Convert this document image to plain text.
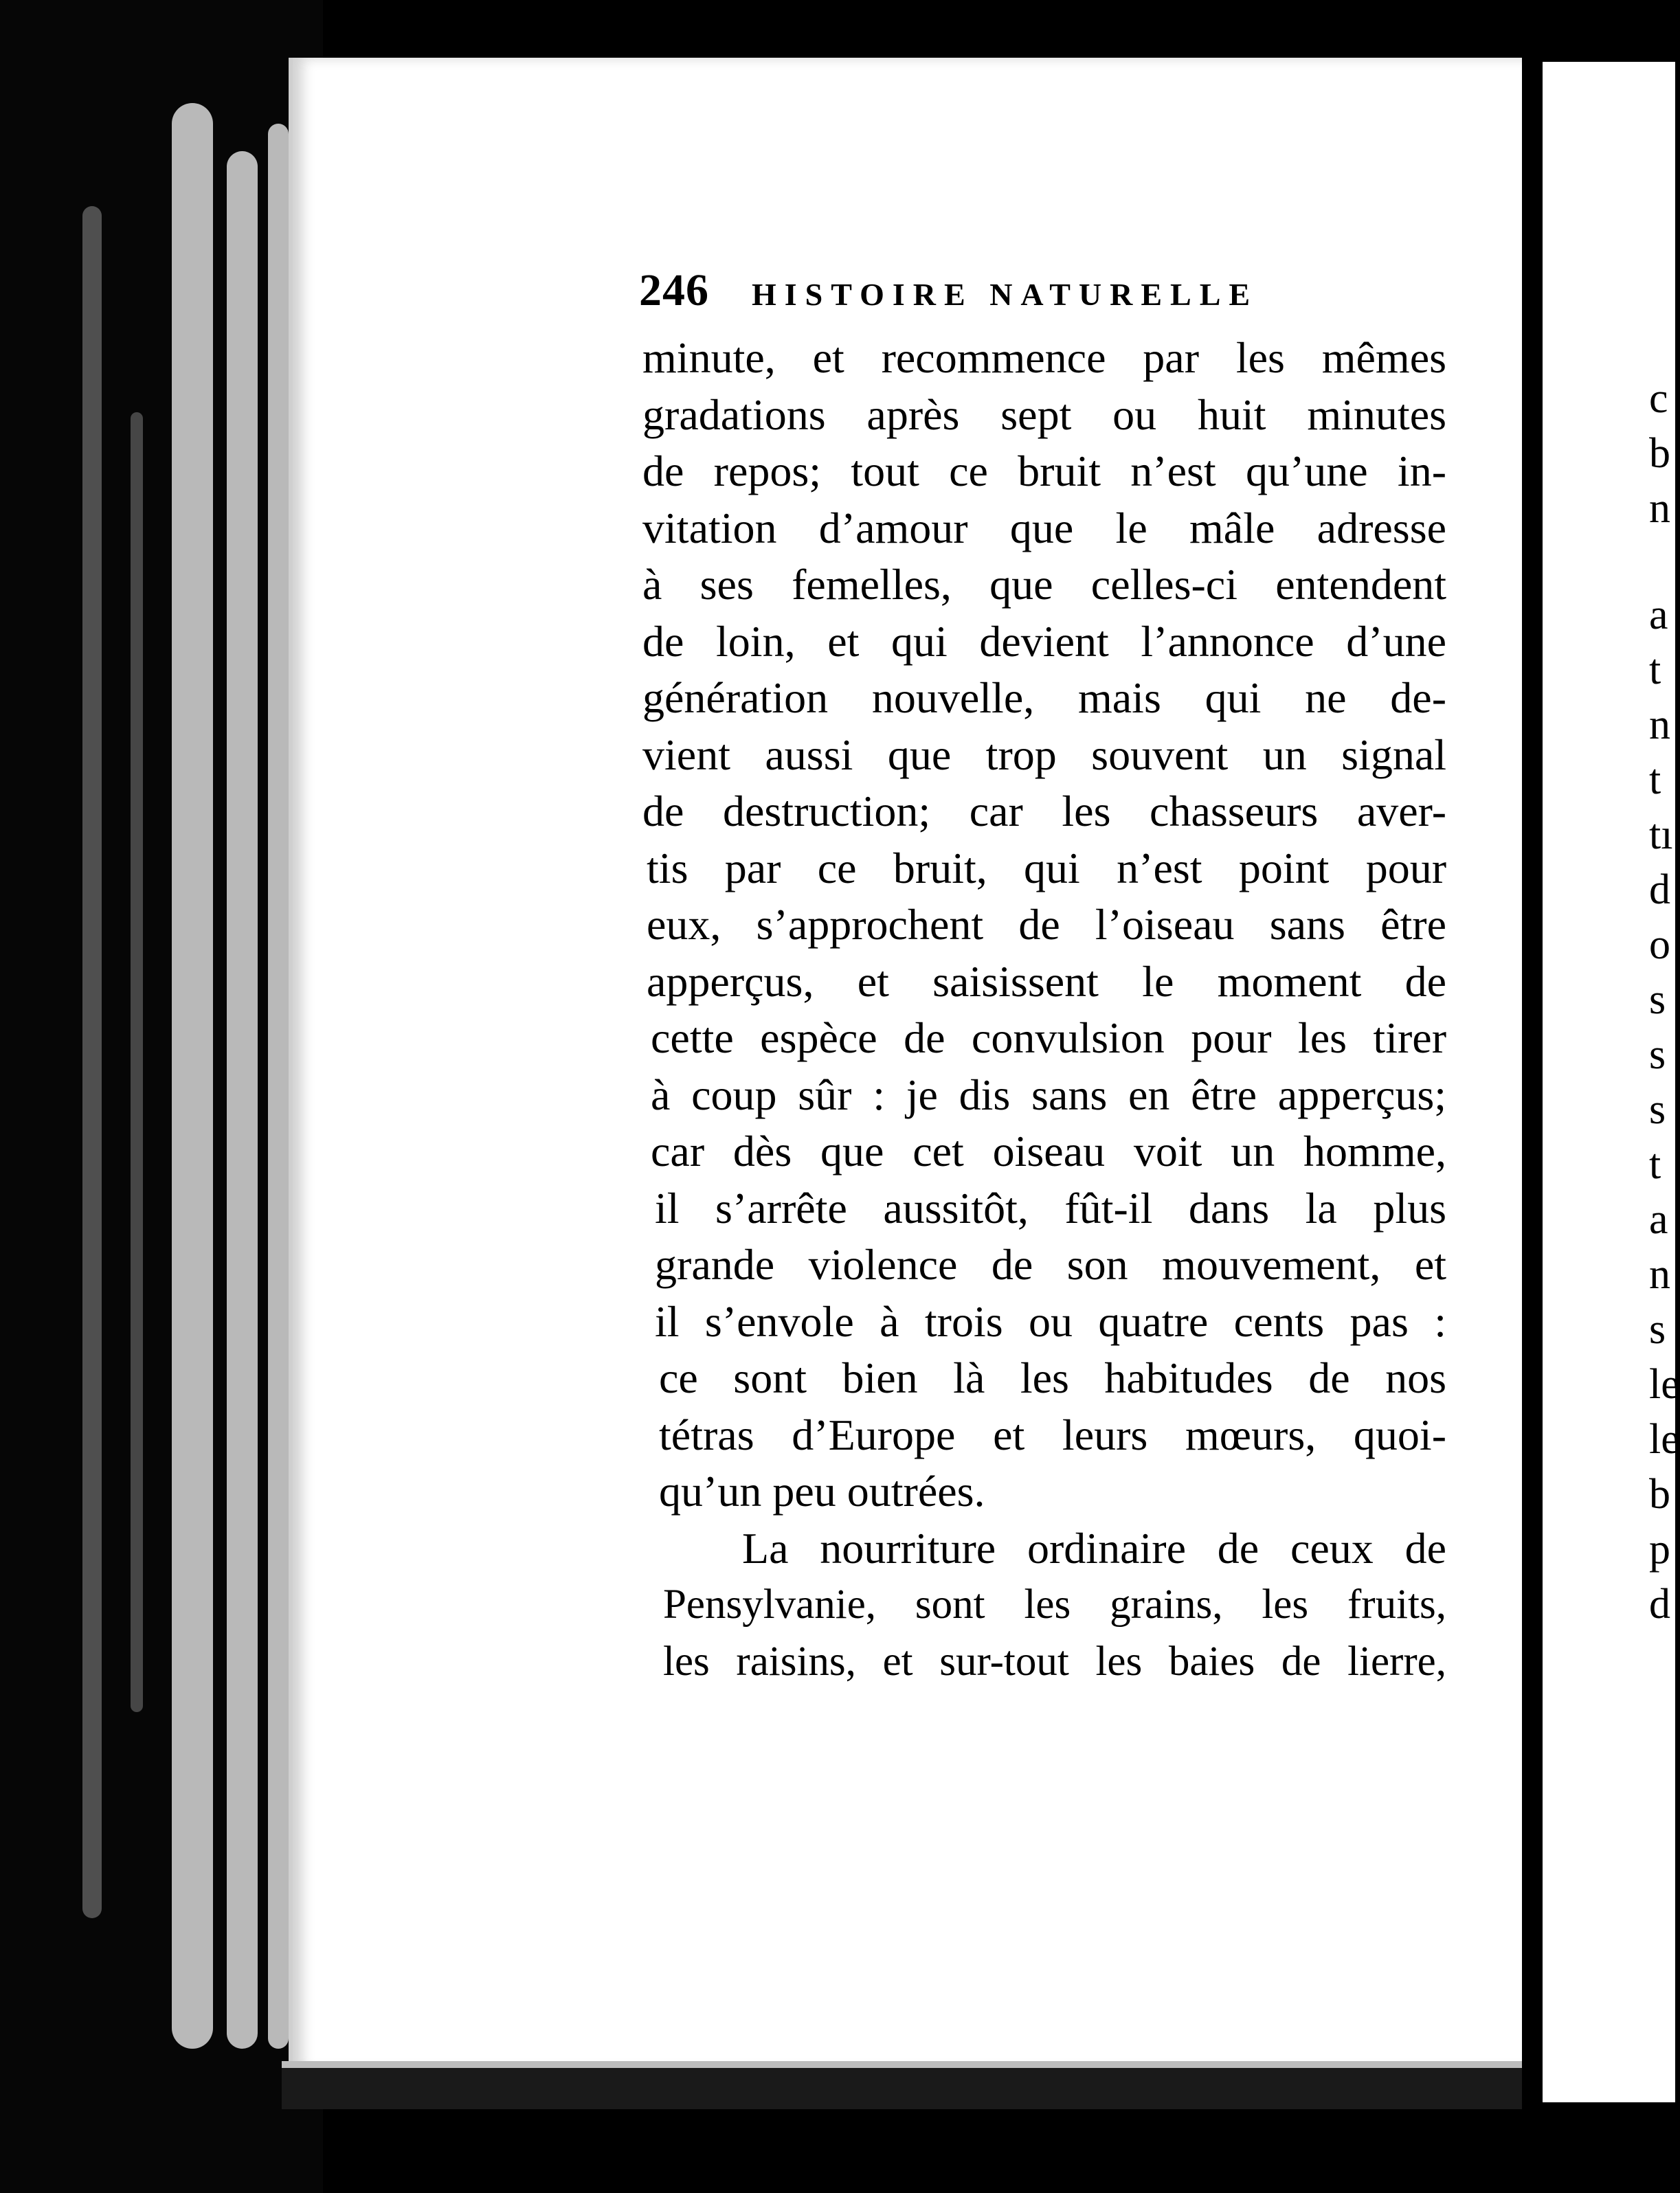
c
b
n
a
t
n
t
tı
d
o
s
s
s
t
a
n
s
le
le
b
p
d
246 HISTOIRE NATURELLE
minute, et recommence par les mêmes
gradations après sept ou huit minutes
de repos; tout ce bruit n’est qu’une in-
vitation d’amour que le mâle adresse
à ses femelles, que celles-ci entendent
de loin, et qui devient l’annonce d’une
génération nouvelle, mais qui ne de-
vient aussi que trop souvent un signal
de destruction; car les chasseurs aver-
tis par ce bruit, qui n’est point pour
eux, s’approchent de l’oiseau sans être
apperçus, et saisissent le moment de
cette espèce de convulsion pour les tirer
à coup sûr : je dis sans en être apperçus;
car dès que cet oiseau voit un homme,
il s’arrête aussitôt, fût-il dans la plus
grande violence de son mouvement, et
il s’envole à trois ou quatre cents pas :
ce sont bien là les habitudes de nos
tétras d’Europe et leurs mœurs, quoi-
qu’un peu outrées.
La nourriture ordinaire de ceux de
Pensylvanie, sont les grains, les fruits,
les raisins, et sur-tout les baies de lierre,
